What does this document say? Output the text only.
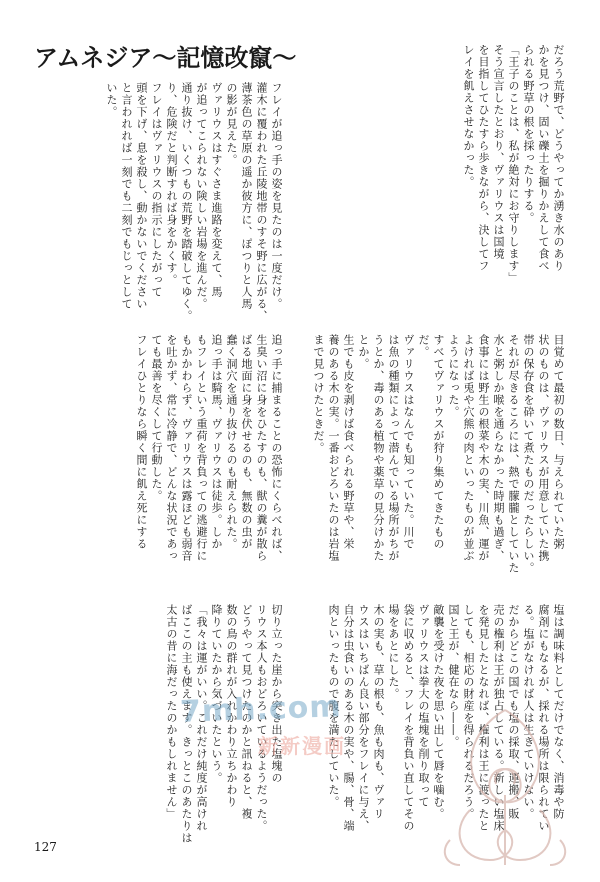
アムネジア〜記憶改竄〜

フレイが追っ手の姿を見たのは一度だけ。

灌木に覆われた丘陵地帯のすそ野に広がる、

薄茶色の草原の遥か彼方に、ぽつりと人馬

の影が見えた。

ヴァリウスはすぐさま進路を変えて、馬

が追ってこられない険しい岩場を進んだ。

通り抜け、いくつもの荒野を踏破してゆく。

り、危険だと判断すれば身をかくす。

フレイはヴァリウスの指示にしたがって

頭を下げ、息を殺し、動かないでください

と言われれば一刻でも二刻でもじっとして

いた。	だろう荒野で、どうやってか湧き水のあり

かを見つけ、固い礫土を掘りかえして食べ

られる野草の根を採ったりする。

「王子のことは、私が絶対にお守りします」

そう宣言したとおり、ヴァリウスは国境

を目指してひたすら歩きながら、決してフ

レイを飢えさせなかった。

追っ手に捕まることの恐怖にくらべれば、

生臭い沼に身をひたすのも、獣の糞が散ら

ばる地面に身を伏せるのも、無数の虫が

蠢く洞穴を通り抜けるのも耐えられた。

追っ手は騎馬、ヴァリウスは徒歩。しか

もフレイという重荷を背負っての逃避行に

もかかわらず、ヴァリウスは露ほども弱音

を吐かず、常に冷静で、どんな状況であっ

ても最善を尽くして行動した。

フレイひとりなら瞬く間に飢え死にする	目覚めて最初の数日、与えられていた粥

状のものは、ヴァリウスが用意していた携

帯の保存食を砕いて煮たものだったらしい。

それが尽きるころには、熱で朦朧としていた

水と粥しか喉を通らなかった時期も過ぎ、

食事には野生の根菜や木の実、川魚、運が

よければ兎や穴熊の肉といったものが並ぶ

ようになった。

すべてヴァリウスが狩り集めてきたもの

だ。

ヴァリウスはなんでも知っていた。川で

は魚の種類によって潜んでいる場所がちが

うとか、毒のある植物や薬草の見分けかた

とか。

生でも皮を剥けば食べられる野草や、栄

養のある木の実。一番おどろいたのは岩塩

まで見つけたときだ。

切り立った崖から突き出た塩塊の

リウス本人もおどろいているようだった。

どうやって見つけたのかと訊ねると、複

数の鳥の群れが入れかわり立ちかわり

降りていたから気づいたという。

「我々は運がいい。これだけ純度が高けれ

ばここの主も使えます。きっとこのあたりは

太古の昔に海だったのかもしれません」	塩は調味料としてだけでなく、消毒や防

腐剤にもなるが、採れる場所は限られてい

る。塩がなければ人は生きていけない。

だからどこの国でも塩の採取、運搬、販

売の権利は王が独占している。新しい塩床

を発見したとなれば、権利は王に渡ったと

しても、相応の財産を得られるだろう。

国と王が、健在なら――。

敵襲を受けた夜を思い出して唇を噛む。

ヴァリウスは拳大の塩塊を削り取って

袋に収めると、フレイを背負い直してその

場をあとにした。

木の実も、草の根も、魚も肉も、ヴァリ

ウスはいちばん良い部分をフレイに与え、

自分は虫食いのある木の実や、腸、骨、端

肉といったもので腹を満たしていた。

7mh.com
新新漫画
127
